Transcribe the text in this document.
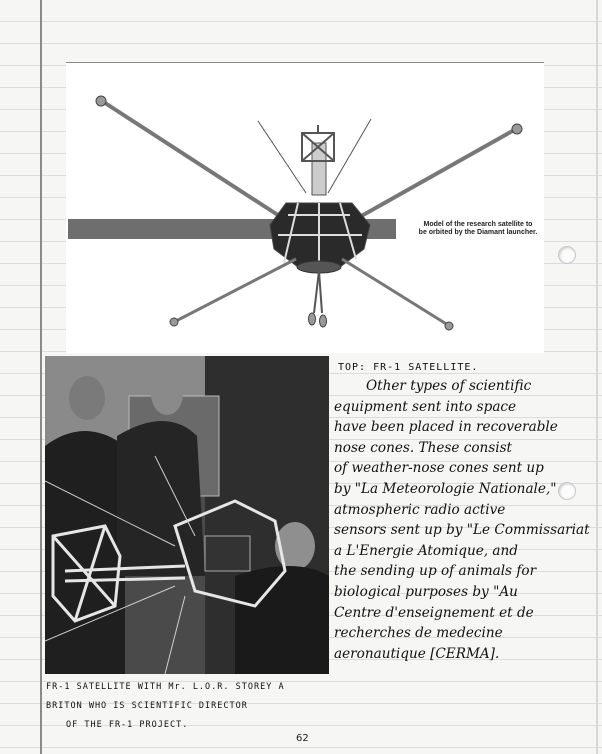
Model of the research satellite to
be orbited by the Diamant launcher.
TOP: FR-1 SATELLITE.
Other types of scientific
equipment sent into space
have been placed in recoverable
nose cones. These consist
of weather-nose cones sent up
by "La Meteorologie Nationale,"
atmospheric radio active
sensors sent up by "Le Commissariat
a L'Energie Atomique, and
the sending up of animals for
biological purposes by "Au
Centre d'enseignement et de
recherches de medecine
aeronautique [CERMA].
FR-1 SATELLITE WITH Mr. L.O.R. STOREY A
BRITON WHO IS SCIENTIFIC DIRECTOR
OF THE FR-1 PROJECT.
62
